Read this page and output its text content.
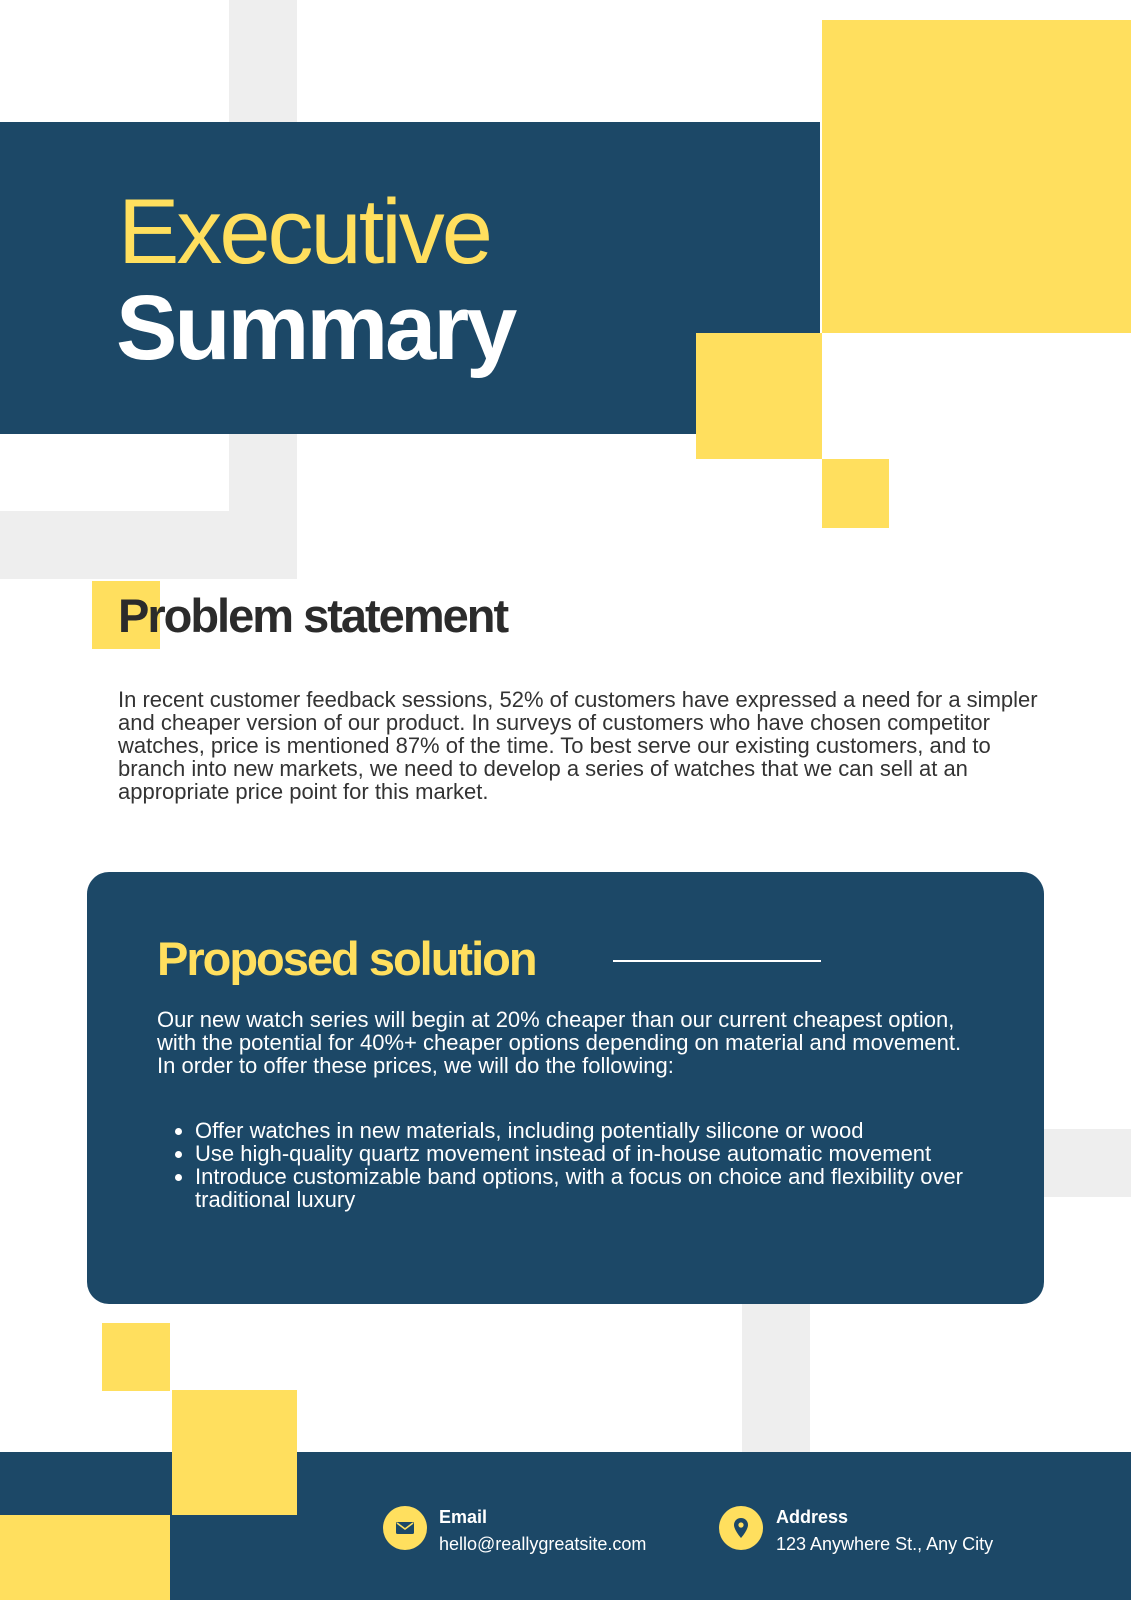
Executive
Summary
Problem statement

In recent customer feedback sessions, 52% of customers have expressed a need for a simpler and cheaper version of our product. In surveys of customers who have chosen competitor watches, price is mentioned 87% of the time. To best serve our existing customers, and to branch into new markets, we need to develop a series of watches that we can sell at an appropriate price point for this market.

Proposed solution

Our new watch series will begin at 20% cheaper than our current cheapest option, with the potential for 40%+ cheaper options depending on material and movement. In order to offer these prices, we will do the following:

• Offer watches in new materials, including potentially silicone or wood
• Use high-quality quartz movement instead of in-house automatic movement
• Introduce customizable band options, with a focus on choice and flexibility over traditional luxury
Email
hello@reallygreatsite.com
Address
123 Anywhere St., Any City
